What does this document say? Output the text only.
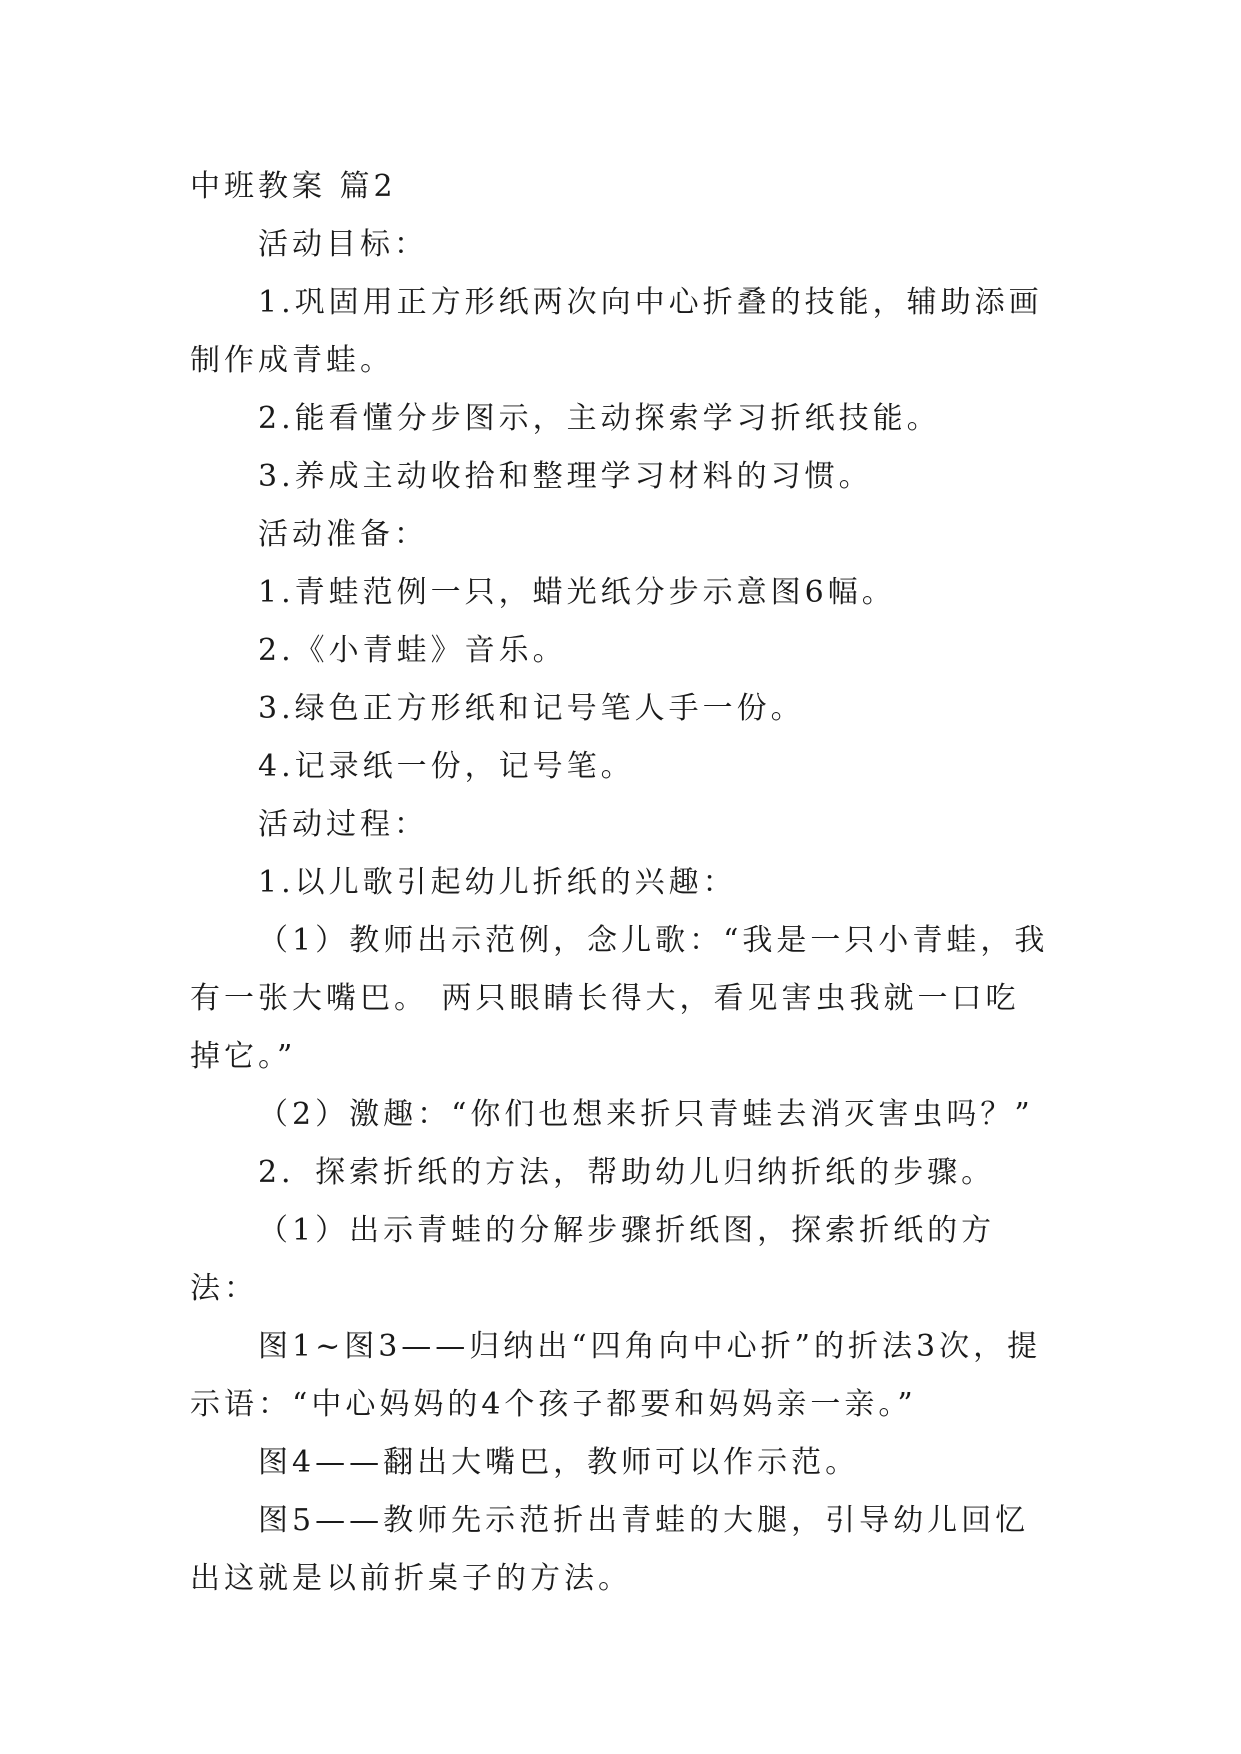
中班教案 篇2

活动目标：

1.巩固用正方形纸两次向中心折叠的技能，辅助添画制作成青蛙。

2.能看懂分步图示，主动探索学习折纸技能。

3.养成主动收拾和整理学习材料的习惯。

活动准备：

1.青蛙范例一只，蜡光纸分步示意图6幅。

2.《小青蛙》音乐。

3.绿色正方形纸和记号笔人手一份。

4.记录纸一份，记号笔。

活动过程：

1.以儿歌引起幼儿折纸的兴趣：

（1）教师出示范例，念儿歌：“我是一只小青蛙，我有一张大嘴巴。 两只眼睛长得大，看见害虫我就一口吃掉它。”

（2）激趣：“你们也想来折只青蛙去消灭害虫吗？”

2．探索折纸的方法，帮助幼儿归纳折纸的步骤。

（1）出示青蛙的分解步骤折纸图，探索折纸的方法：

图1~图3——归纳出“四角向中心折”的折法3次，提示语：“中心妈妈的4个孩子都要和妈妈亲一亲。”

图4——翻出大嘴巴，教师可以作示范。

图5——教师先示范折出青蛙的大腿，引导幼儿回忆出这就是以前折桌子的方法。
